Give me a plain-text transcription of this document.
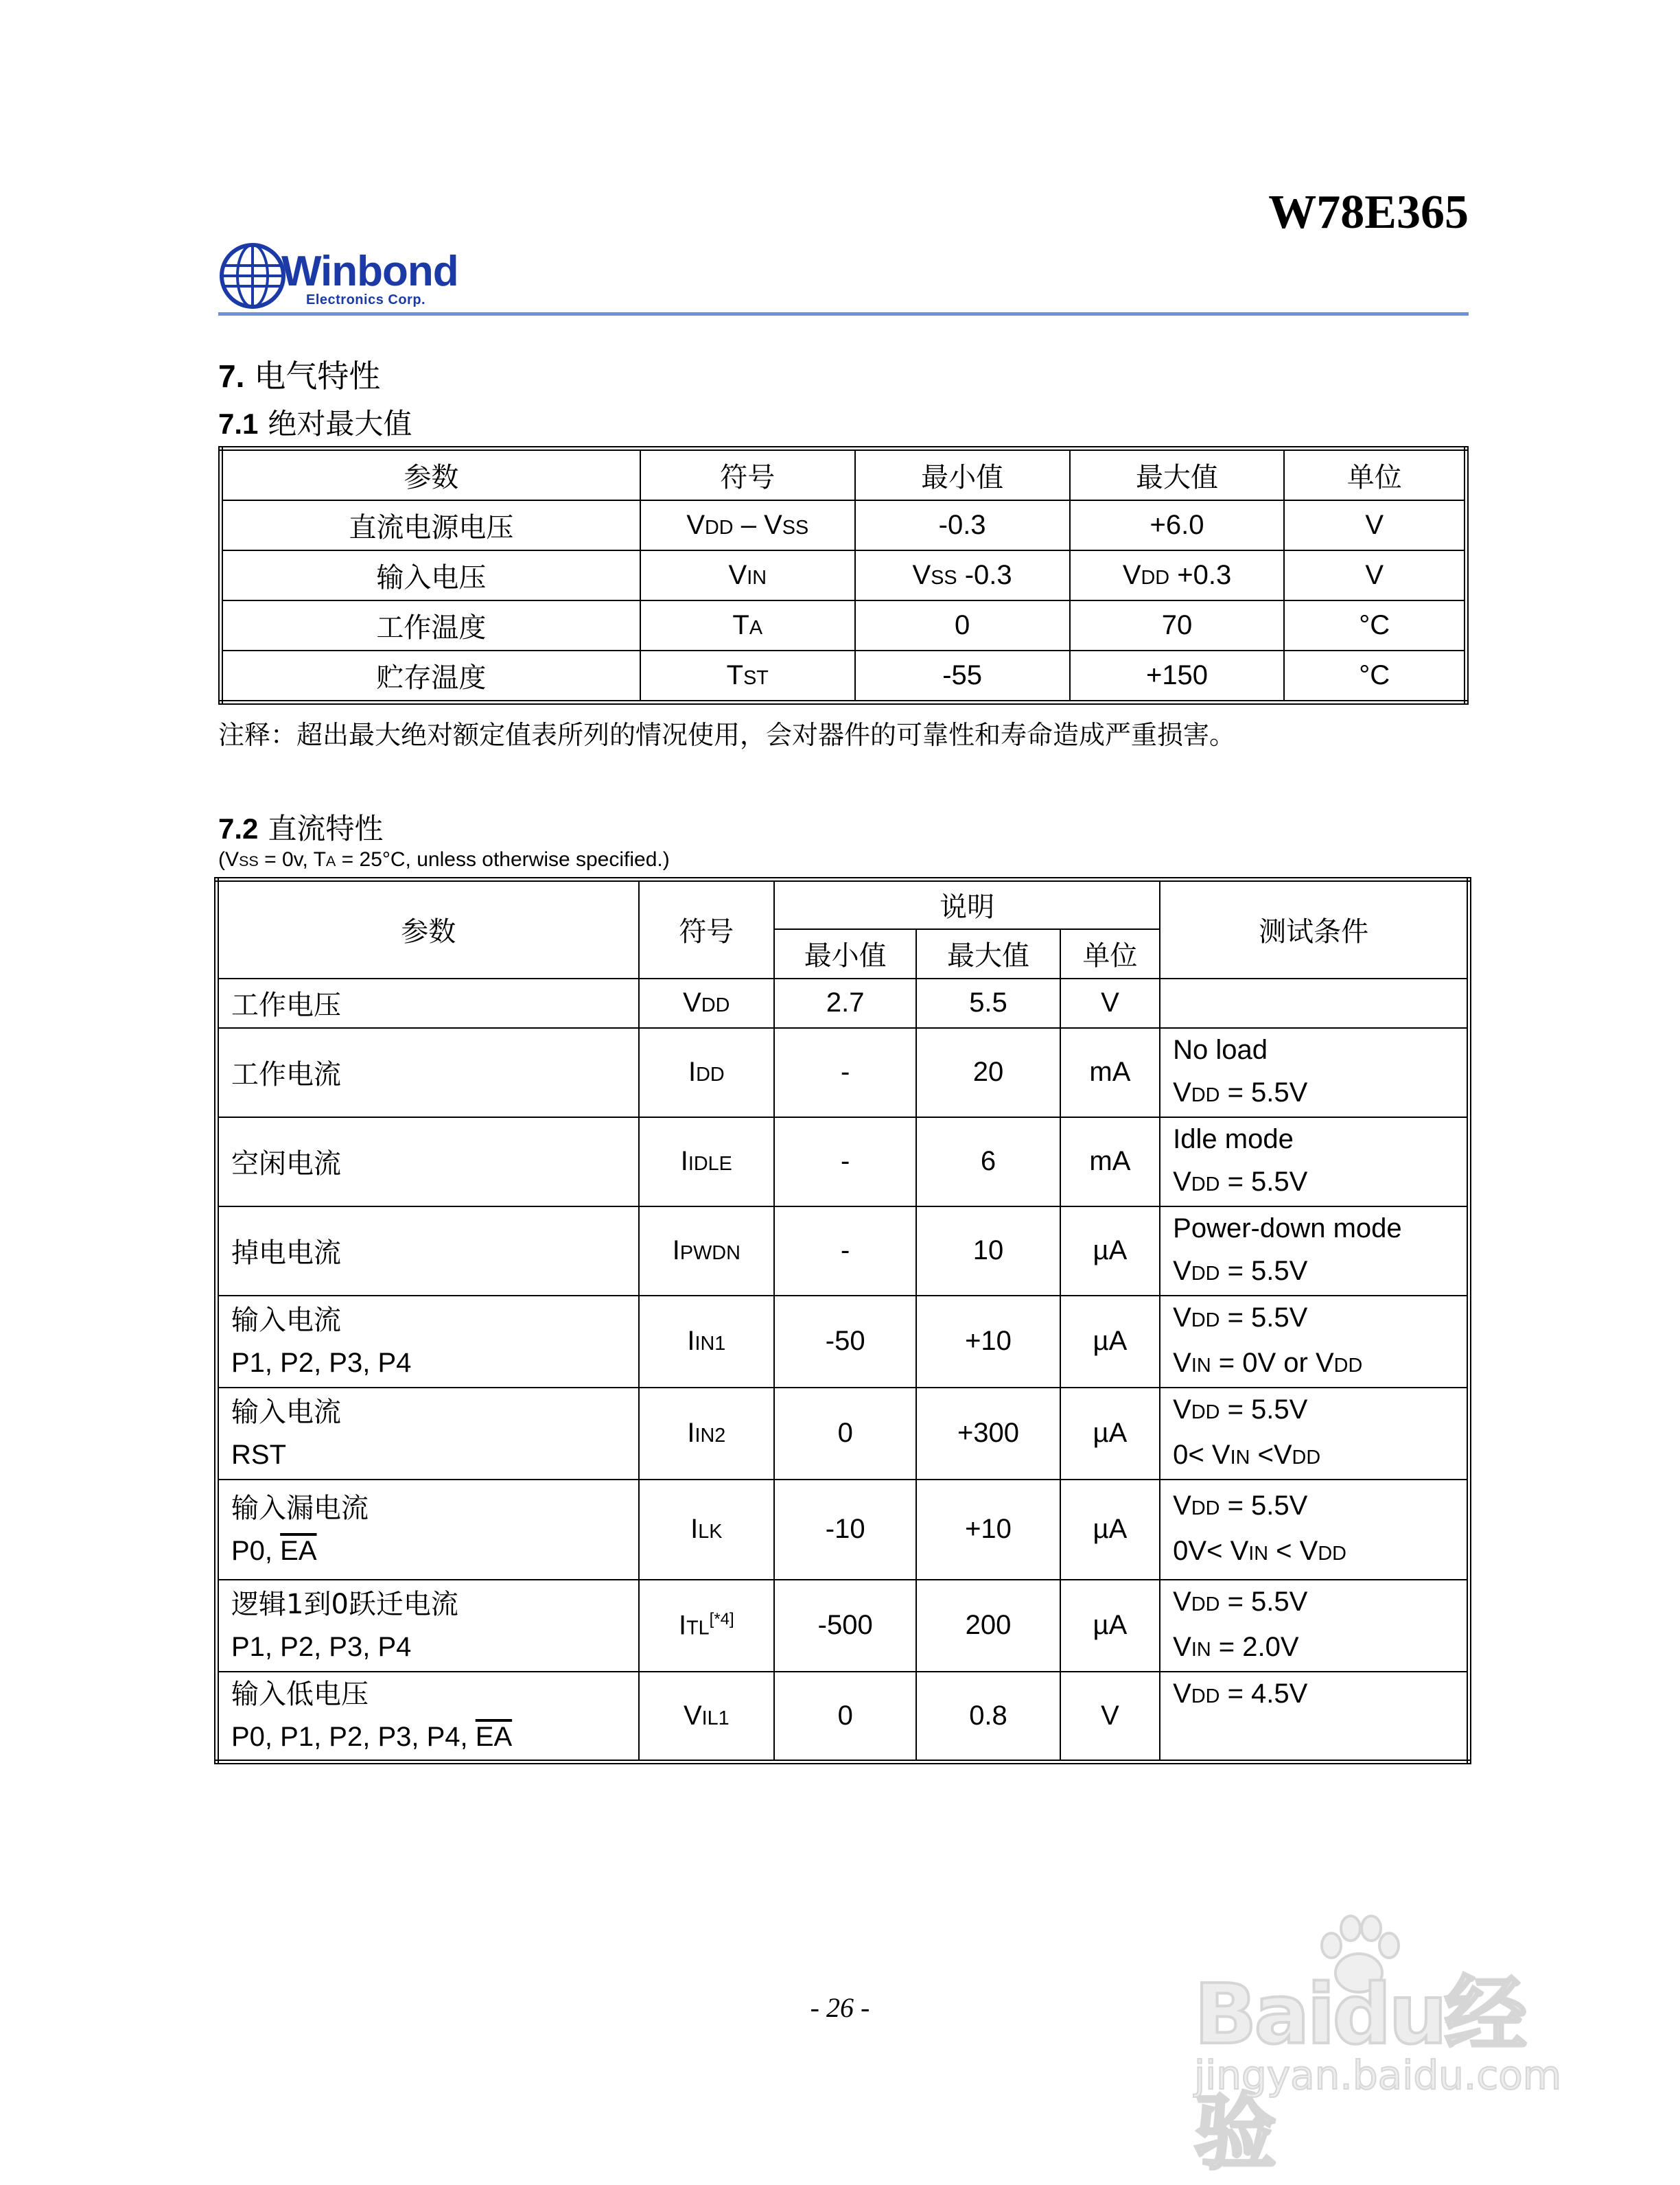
W78E365
Winbond
Electronics Corp.
7. 电气特性
7.1 绝对最大值
参数	符号	最小值	最大值	单位
直流电源电压	VDD – VSS	-0.3	+6.0	V
输入电压	VIN	VSS -0.3	VDD +0.3	V
工作温度	TA	0	70	°C
贮存温度	TST	-55	+150	°C
注释：超出最大绝对额定值表所列的情况使用，会对器件的可靠性和寿命造成严重损害。
7.2 直流特性
(VSS = 0v, TA = 25°C, unless otherwise specified.)
参数	符号	说明			测试条件
		最小值	最大值	单位	
工作电压	VDD	2.7	5.5	V	
工作电流	IDD	-	20	mA	No load
VDD = 5.5V

空闲电流	IIDLE	-	6	mA	Idle mode
VDD = 5.5V

掉电电流	IPWDN	-	10	µA	Power-down mode
VDD = 5.5V

输入电流
P1, P2, P3, P4	IIN1	-50	+10	µA	VDD = 5.5V
VIN = 0V or VDD

输入电流
RST	IIN2	0	+300	µA	VDD = 5.5V
0< VIN <VDD

输入漏电流
P0, $\overline{EA}$	ILK	-10	+10	µA	VDD = 5.5V
0V< VIN < VDD

逻辑1到0跃迁电流
P1, P2, P3, P4	ITL[*4]	-500	200	µA	VDD = 5.5V
VIN = 2.0V

输入低电压
P0, P1, P2, P3, P4, $\overline{EA}$	VIL1	0	0.8	V	VDD = 4.5V
- 26 -	Baidu经验
jingyan.baidu.com
